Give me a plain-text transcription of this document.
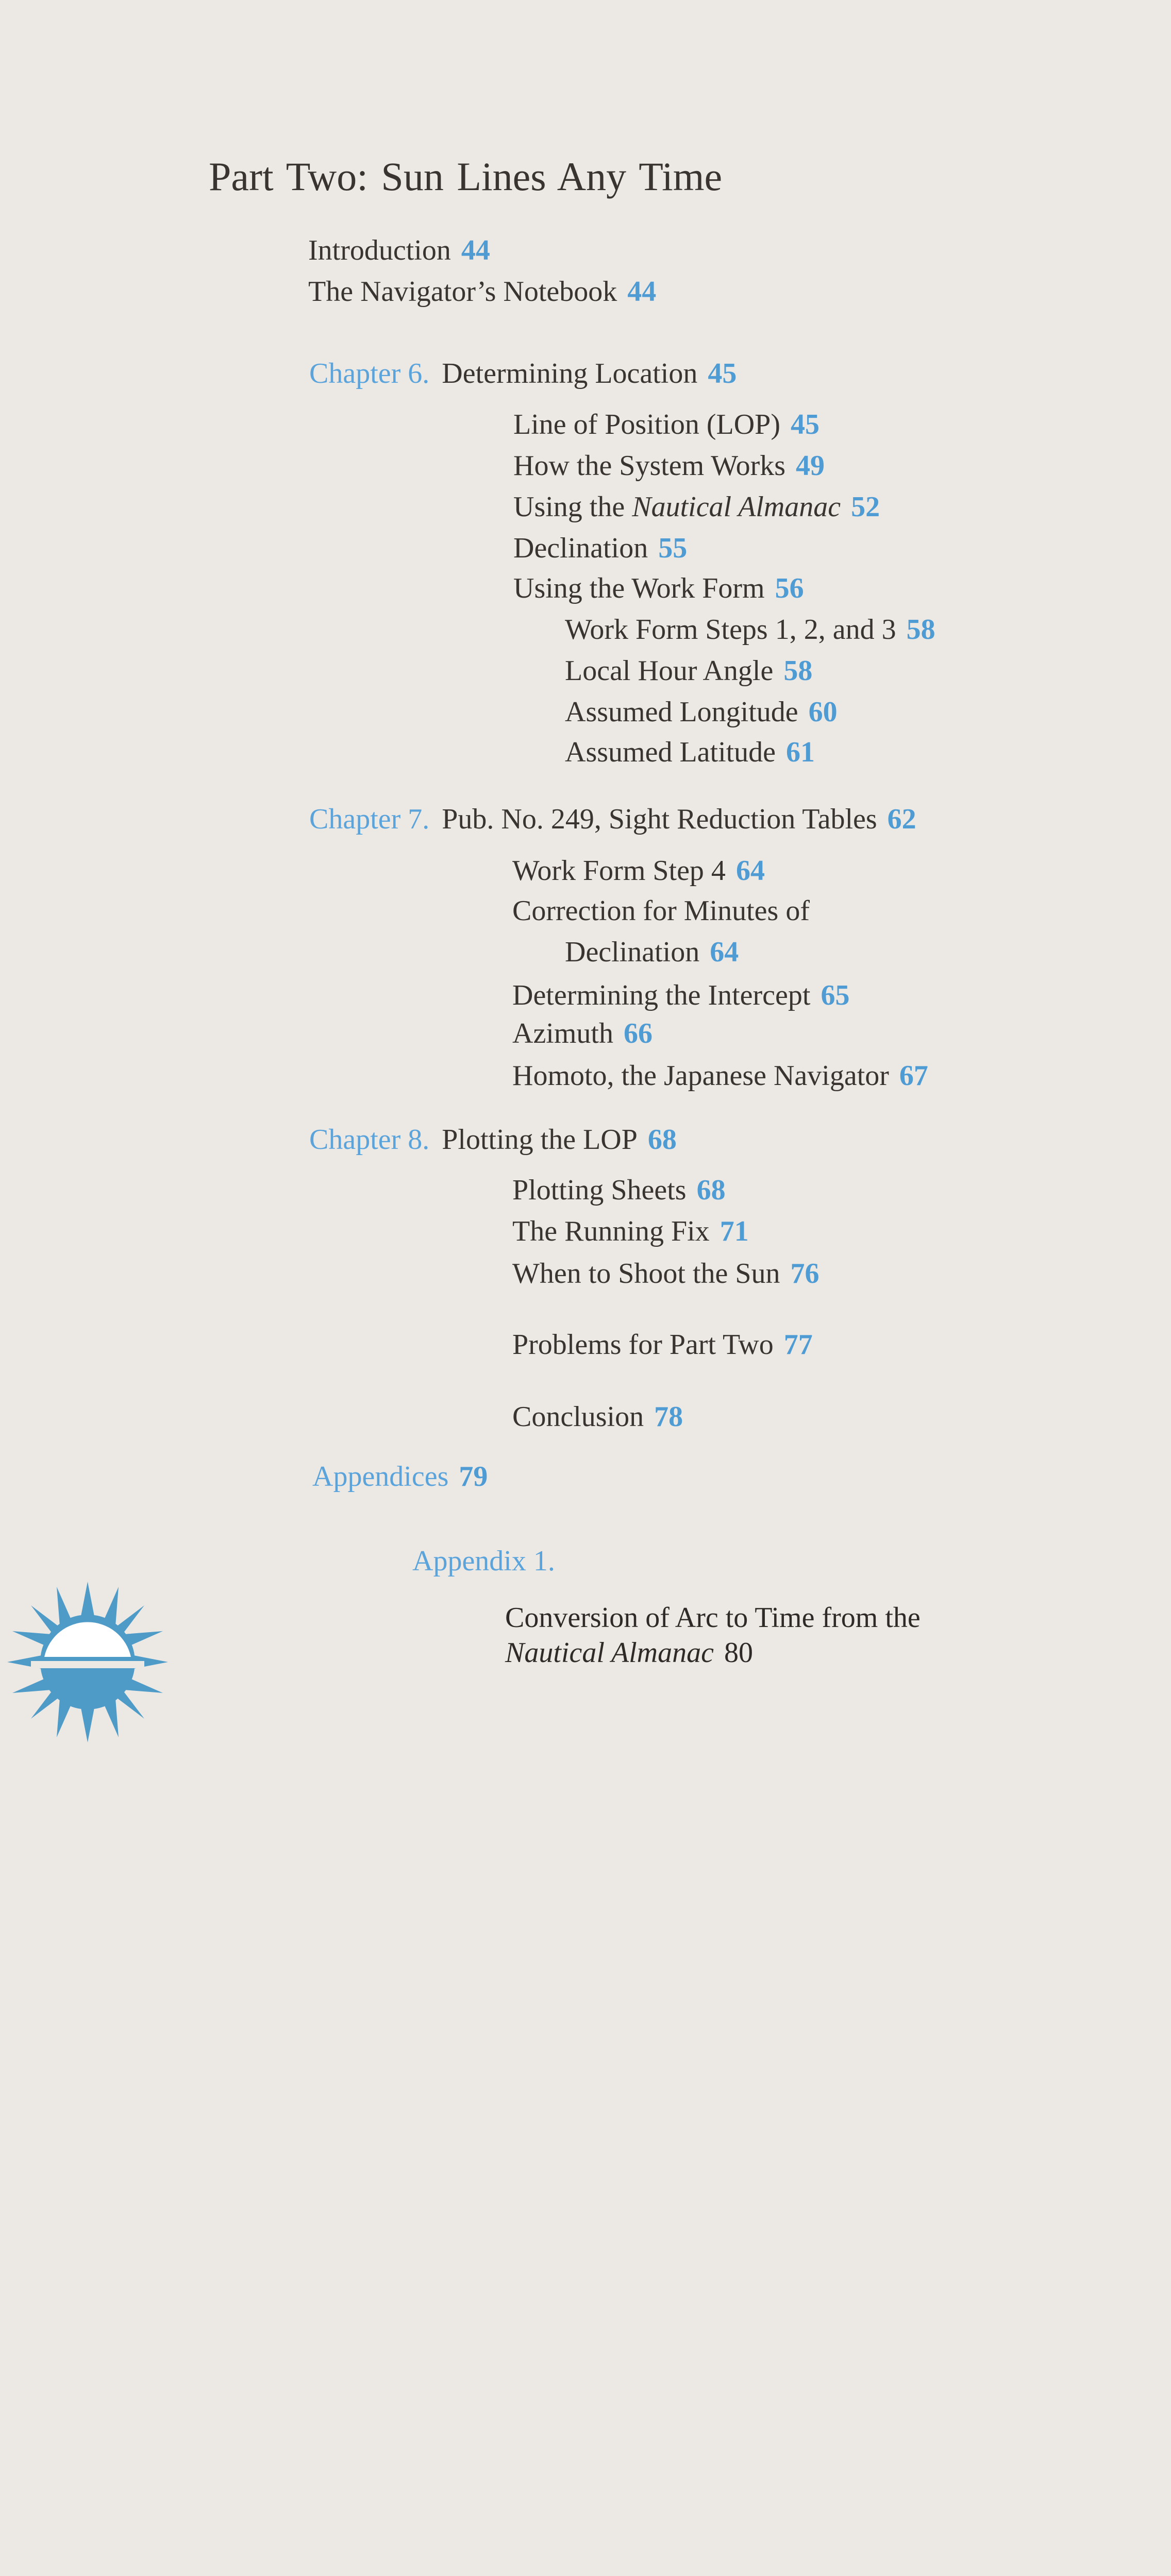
Part Two: Sun Lines Any Time
Introduction 44
The Navigator’s Notebook 44
Chapter 6. Determining Location 45
Line of Position (LOP) 45
How the System Works 49
Using the Nautical Almanac 52
Declination 55
Using the Work Form 56
Work Form Steps 1, 2, and 3 58
Local Hour Angle 58
Assumed Longitude 60
Assumed Latitude 61
Chapter 7. Pub. No. 249, Sight Reduction Tables 62
Work Form Step 4 64
Correction for Minutes of
Declination 64
Determining the Intercept 65
Azimuth 66
Homoto, the Japanese Navigator 67
Chapter 8. Plotting the LOP 68
Plotting Sheets 68
The Running Fix 71
When to Shoot the Sun 76
Problems for Part Two 77
Conclusion 78
Appendices 79
Appendix 1.
Conversion of Arc to Time from the
Nautical Almanac 80
